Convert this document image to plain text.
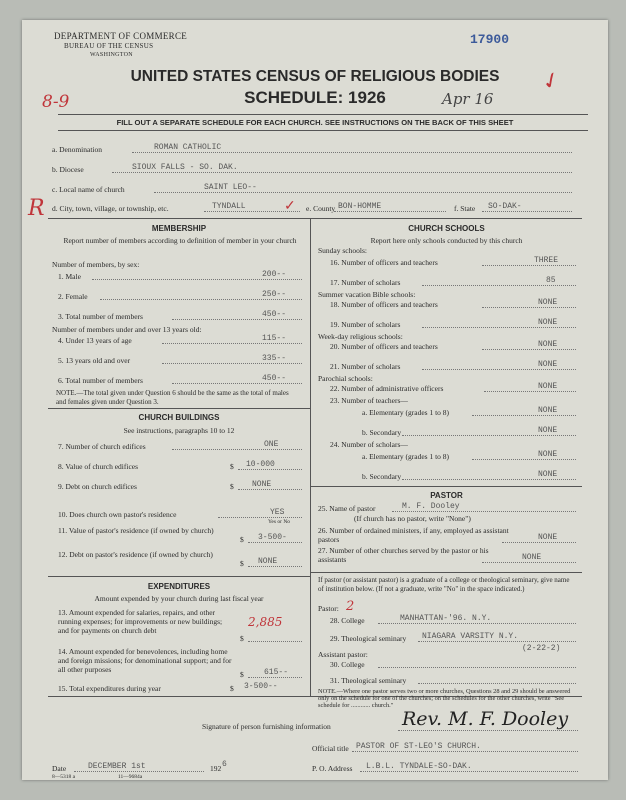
DEPARTMENT OF COMMERCE
BUREAU OF THE CENSUS
WASHINGTON
17900
✓
UNITED STATES CENSUS OF RELIGIOUS BODIES
SCHEDULE: 1926
8-9	Apr 16
FILL OUT A SEPARATE SCHEDULE FOR EACH CHURCH. SEE INSTRUCTIONS ON THE BACK OF THIS SHEET
a. Denomination	ROMAN CATHOLIC
b. Diocese	SIOUX FALLS - SO. DAK.
c. Local name of church	SAINT LEO--
R d. City, town, village, or township, etc.	TYNDALL	✓ e. County BON-HOMME	f. State SO-DAK-
MEMBERSHIP
Report number of members according to definition of member in your church
Number of members, by sex:
1. Male	200--
2. Female	250--
3. Total number of members	450--
Number of members under and over 13 years old:
4. Under 13 years of age	115--
5. 13 years old and over	335--
6. Total number of members	450--
NOTE.—The total given under Question 6 should be the same as the total of males and females given under Question 3.
CHURCH BUILDINGS
See instructions, paragraphs 10 to 12
7. Number of church edifices	ONE
8. Value of church edifices	$ 10-000
9. Debt on church edifices	$ NONE
10. Does church own pastor's residence	YES
Yes or No
11. Value of pastor's residence (if owned by church)
$ 3-500-
12. Debt on pastor's residence (if owned by church)
$ NONE
EXPENDITURES
Amount expended by your church during last fiscal year
13. Amount expended for salaries, repairs, and other running expenses; for improvements or new buildings; and for payments on church debt
$
2,885
14. Amount expended for benevolences, including home and foreign missions; for denominational support; and for all other purposes
$	615--
15. Total expenditures during year	$ 3-500--
CHURCH SCHOOLS
Report here only schools conducted by this church
Sunday schools:
16. Number of officers and teachers	THREE
17. Number of scholars	85
Summer vacation Bible schools:
18. Number of officers and teachers	NONE
19. Number of scholars	NONE
Week-day religious schools:
20. Number of officers and teachers	NONE
21. Number of scholars	NONE
Parochial schools:
22. Number of administrative officers	NONE
23. Number of teachers—
a. Elementary (grades 1 to 8)	NONE
b. Secondary	NONE
24. Number of scholars—
a. Elementary (grades 1 to 8)	NONE
b. Secondary	NONE
PASTOR
25. Name of pastor	M. F. Dooley
(If church has no pastor, write "None")
26. Number of ordained ministers, if any, employed as assistant pastors	NONE
27. Number of other churches served by the pastor or his assistants	NONE
If pastor (or assistant pastor) is a graduate of a college or theological seminary, give name of institution below. (If not a graduate, write "No" in the space indicated.)
Pastor: 2
28. College	MANHATTAN-'96. N.Y.
29. Theological seminary NIAGARA VARSITY N.Y.
(2-22-2)
Assistant pastor:
30. College
31. Theological seminary
NOTE.—Where one pastor serves two or more churches, Questions 28 and 29 should be answered only on the schedule for one of the churches; on the schedules for the other churches, write "See schedule for ............ church."
Signature of person furnishing information	Rev. M. F. Dooley
Official title PASTOR OF ST-LEO'S CHURCH.
Date	DECEMBER 1st	192 6	P. O. Address L.B.L. TYNDALE-SO-DAK.
8—5318 a	11—9684a
